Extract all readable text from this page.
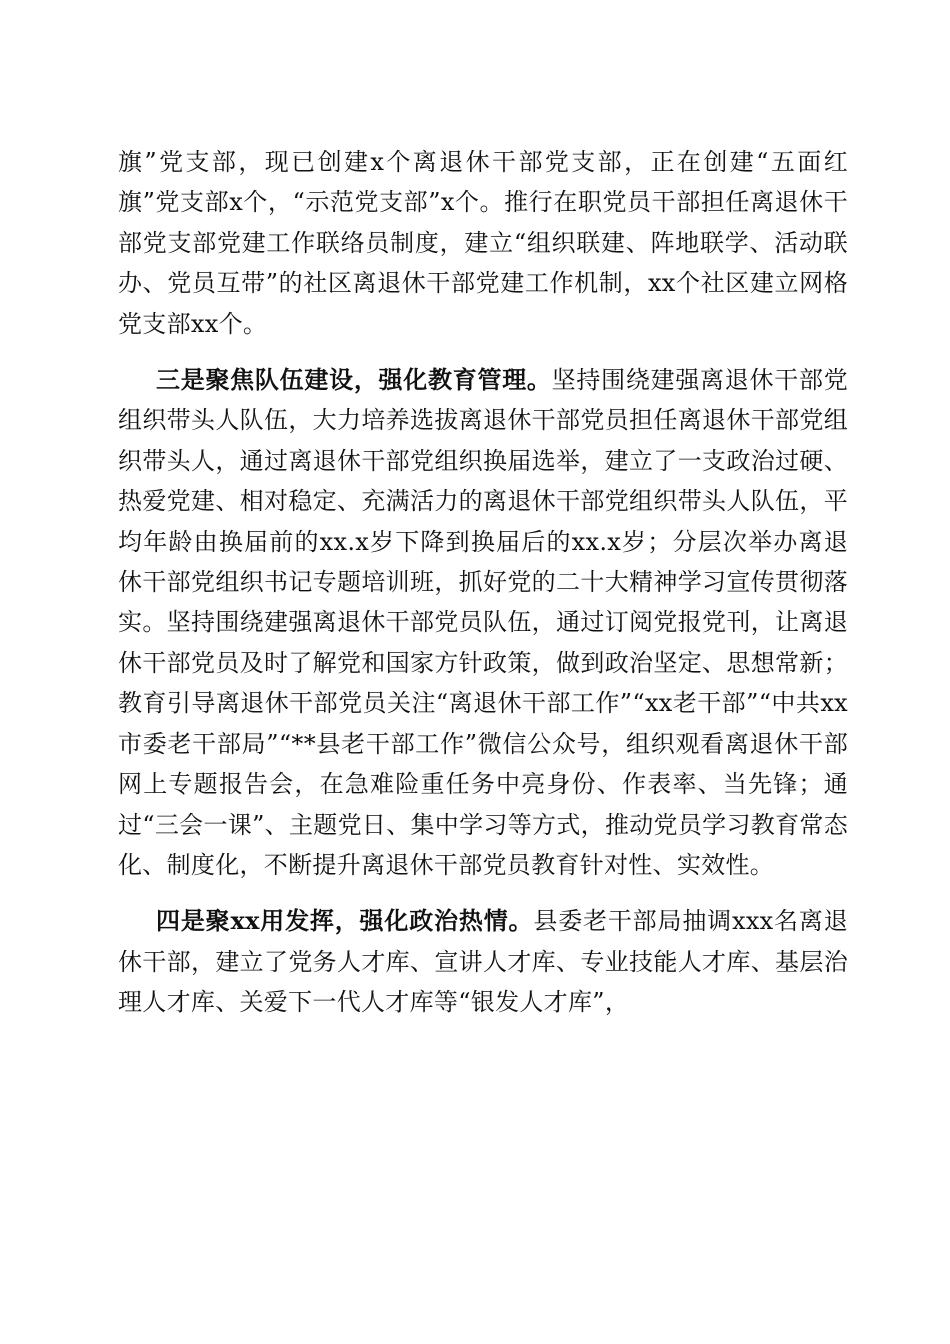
旗”党支部，现已创建x个离退休干部党支部，正在创建“五面红旗”党支部x个，“示范党支部”x个。推行在职党员干部担任离退休干部党支部党建工作联络员制度，建立“组织联建、阵地联学、活动联办、党员互带”的社区离退休干部党建工作机制，xx个社区建立网格党支部xx个。

三是聚焦队伍建设，强化教育管理。坚持围绕建强离退休干部党组织带头人队伍，大力培养选拔离退休干部党员担任离退休干部党组织带头人，通过离退休干部党组织换届选举，建立了一支政治过硬、热爱党建、相对稳定、充满活力的离退休干部党组织带头人队伍，平均年龄由换届前的xx.x岁下降到换届后的xx.x岁；分层次举办离退休干部党组织书记专题培训班，抓好党的二十大精神学习宣传贯彻落实。坚持围绕建强离退休干部党员队伍，通过订阅党报党刊，让离退休干部党员及时了解党和国家方针政策，做到政治坚定、思想常新；教育引导离退休干部党员关注“离退休干部工作”“xx老干部”“中共xx市委老干部局”“**县老干部工作”微信公众号，组织观看离退休干部网上专题报告会，在急难险重任务中亮身份、作表率、当先锋；通过“三会一课”、主题党日、集中学习等方式，推动党员学习教育常态化、制度化，不断提升离退休干部党员教育针对性、实效性。

四是聚xx用发挥，强化政治热情。县委老干部局抽调xxx名离退休干部，建立了党务人才库、宣讲人才库、专业技能人才库、基层治理人才库、关爱下一代人才库等“银发人才库”，
